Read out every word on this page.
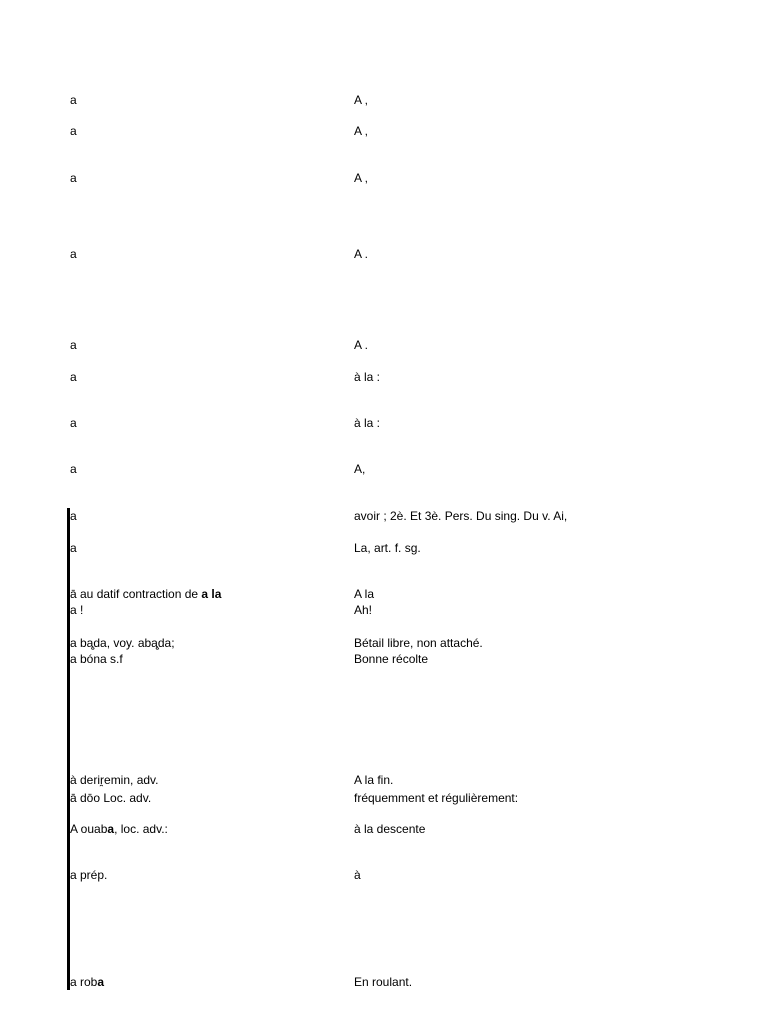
a	A ,
a	A ,
a	A ,
a	A .
a	A .
a	à la :
a	à la :
a	A,
a	avoir ; 2è. Et 3è. Pers. Du sing. Du v. Ai,
a	La, art. f. sg.
ā au datif contraction de a la	A la
a !	Ah!
a bą̧da, voy. abą̧da;	Bétail libre, non attaché.
a bóna s.f	Bonne récolte
à derir̯emin, adv.	A la fin.
ā dōo Loc. adv.	fréquemment et régulièrement:
A ouaba, loc. adv.:	à la descente
a prép.	à
a roba	En roulant.
